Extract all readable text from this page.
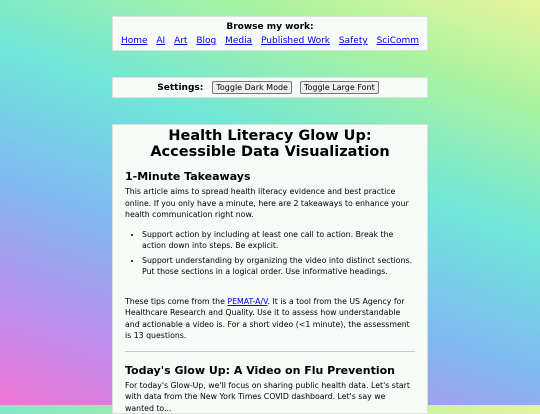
Browse my work:
Home AI Art Blog Media Published Work Safety SciComm
Settings:	Toggle Dark Mode	Toggle Large Font
Health Literacy Glow Up: Accessible Data Visualization
1-Minute Takeaways

This article aims to spread health literacy evidence and best practice online. If you only have a minute, here are 2 takeaways to enhance your health communication right now.

• Support action by including at least one call to action. Break the action down into steps. Be explicit.
• Support understanding by organizing the video into distinct sections. Put those sections in a logical order. Use informative headings.

These tips come from the PEMAT-A/V. It is a tool from the US Agency for Healthcare Research and Quality. Use it to assess how understandable and actionable a video is. For a short video (<1 minute), the assessment is 13 questions.

Today's Glow Up: A Video on Flu Prevention

For today's Glow-Up, we'll focus on sharing public health data. Let's start with data from the New York Times COVID dashboard. Let's say we wanted to...
